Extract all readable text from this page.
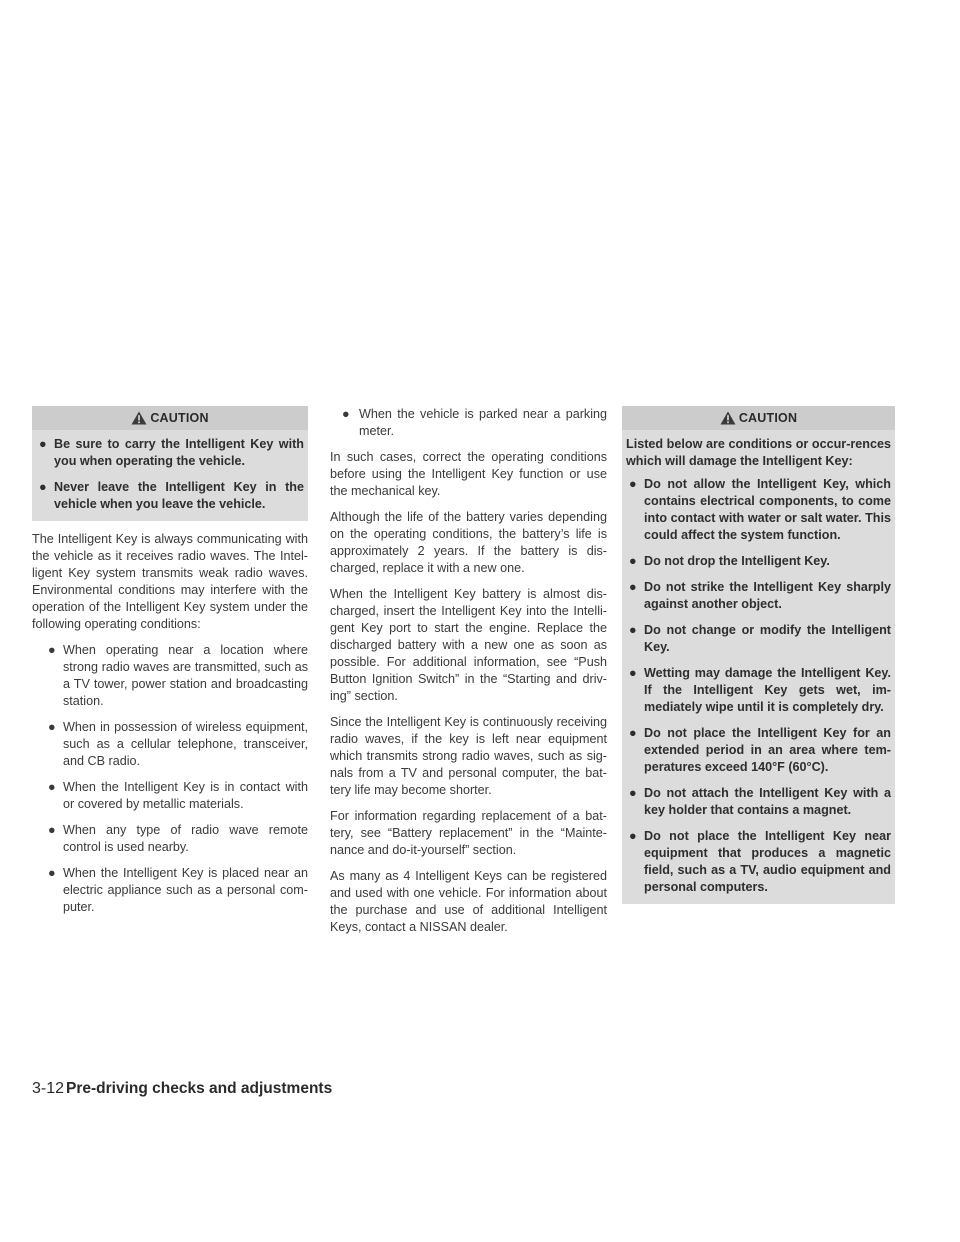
CAUTION
● Be sure to carry the Intelligent Key with you when operating the vehicle.
● Never leave the Intelligent Key in the vehicle when you leave the vehicle.

The Intelligent Key is always communicating with the vehicle as it receives radio waves. The Intel-ligent Key system transmits weak radio waves. Environmental conditions may interfere with the operation of the Intelligent Key system under the following operating conditions:

● When operating near a location where strong radio waves are transmitted, such as a TV tower, power station and broadcasting station.
● When in possession of wireless equipment, such as a cellular telephone, transceiver, and CB radio.
● When the Intelligent Key is in contact with or covered by metallic materials.
● When any type of radio wave remote control is used nearby.
● When the Intelligent Key is placed near an electric appliance such as a personal com-puter.
● When the vehicle is parked near a parking meter.

In such cases, correct the operating conditions before using the Intelligent Key function or use the mechanical key.

Although the life of the battery varies depending on the operating conditions, the battery’s life is approximately 2 years. If the battery is dis-charged, replace it with a new one.

When the Intelligent Key battery is almost dis-charged, insert the Intelligent Key into the Intelli-gent Key port to start the engine. Replace the discharged battery with a new one as soon as possible. For additional information, see “Push Button Ignition Switch” in the “Starting and driv-ing” section.

Since the Intelligent Key is continuously receiving radio waves, if the key is left near equipment which transmits strong radio waves, such as sig-nals from a TV and personal computer, the bat-tery life may become shorter.

For information regarding replacement of a bat-tery, see “Battery replacement” in the “Mainte-nance and do-it-yourself” section.

As many as 4 Intelligent Keys can be registered and used with one vehicle. For information about the purchase and use of additional Intelligent Keys, contact a NISSAN dealer.

CAUTION

Listed below are conditions or occur-rences which will damage the Intelligent Key:

● Do not allow the Intelligent Key, which contains electrical components, to come into contact with water or salt water. This could affect the system function.
● Do not drop the Intelligent Key.
● Do not strike the Intelligent Key sharply against another object.
● Do not change or modify the Intelligent Key.
● Wetting may damage the Intelligent Key. If the Intelligent Key gets wet, im-mediately wipe until it is completely dry.
● Do not place the Intelligent Key for an extended period in an area where tem-peratures exceed 140°F (60°C).
● Do not attach the Intelligent Key with a key holder that contains a magnet.
● Do not place the Intelligent Key near equipment that produces a magnetic field, such as a TV, audio equipment and personal computers.
3-12 Pre-driving checks and adjustments
